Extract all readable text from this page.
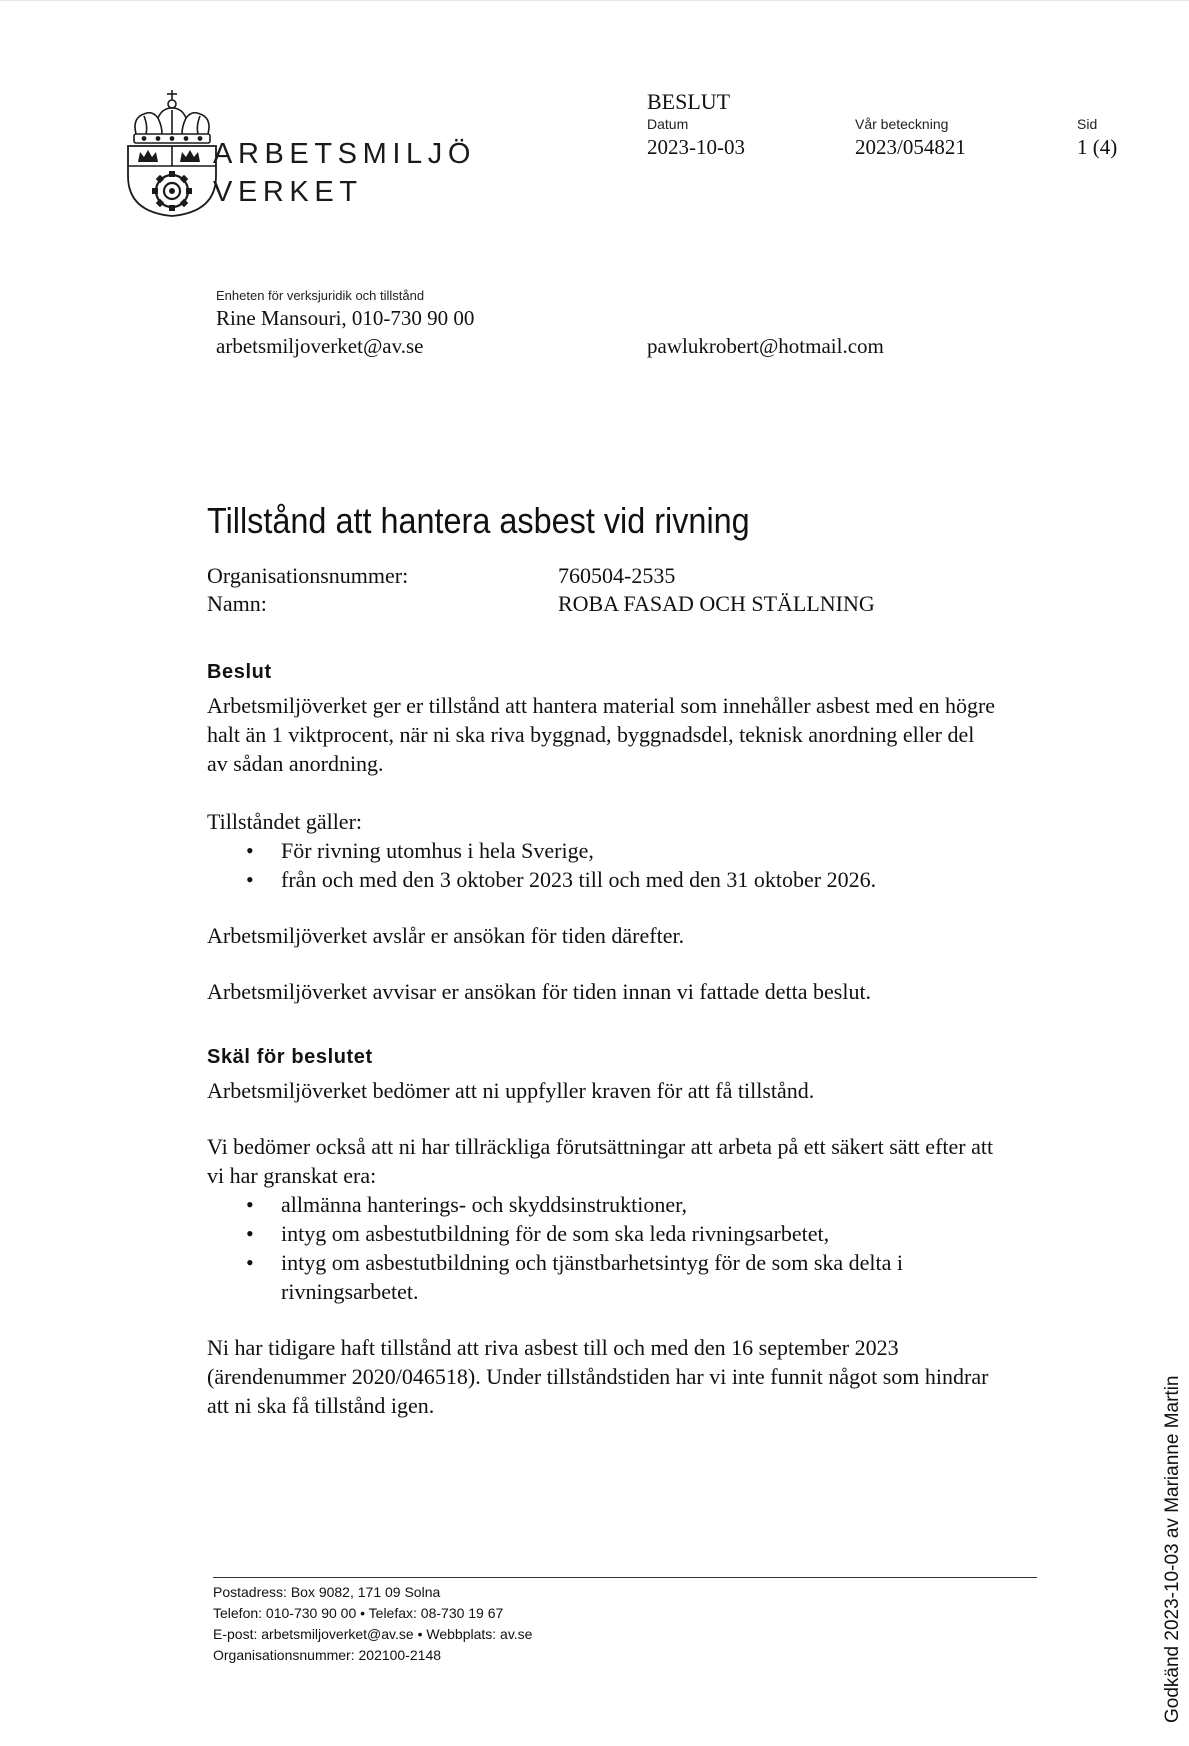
ARBETSMILJÖ
VERKET
BESLUT
Datum
2023-10-03
Vår beteckning
2023/054821
Sid
1 (4)
Enheten för verksjuridik och tillstånd
Rine Mansouri, 010-730 90 00
arbetsmiljoverket@av.se	pawlukrobert@hotmail.com
Tillstånd att hantera asbest vid rivning
Organisationsnummer:	760504-2535
Namn:	ROBA FASAD OCH STÄLLNING
Beslut

Arbetsmiljöverket ger er tillstånd att hantera material som innehåller asbest med en högre halt än 1 viktprocent, när ni ska riva byggnad, byggnadsdel, teknisk anordning eller del av sådan anordning.

Tillståndet gäller:

• För rivning utomhus i hela Sverige,
• från och med den 3 oktober 2023 till och med den 31 oktober 2026.

Arbetsmiljöverket avslår er ansökan för tiden därefter.

Arbetsmiljöverket avvisar er ansökan för tiden innan vi fattade detta beslut.

Skäl för beslutet

Arbetsmiljöverket bedömer att ni uppfyller kraven för att få tillstånd.

Vi bedömer också att ni har tillräckliga förutsättningar att arbeta på ett säkert sätt efter att vi har granskat era:

• allmänna hanterings- och skyddsinstruktioner,
• intyg om asbestutbildning för de som ska leda rivningsarbetet,
• intyg om asbestutbildning och tjänstbarhetsintyg för de som ska delta i rivningsarbetet.

Ni har tidigare haft tillstånd att riva asbest till och med den 16 september 2023 (ärendenummer 2020/046518). Under tillståndstiden har vi inte funnit något som hindrar att ni ska få tillstånd igen.

Postadress: Box 9082, 171 09 Solna
Telefon: 010-730 90 00 • Telefax: 08-730 19 67
E-post: arbetsmiljoverket@av.se • Webbplats: av.se
Organisationsnummer: 202100-2148	Godkänd 2023-10-03 av Marianne Martin
